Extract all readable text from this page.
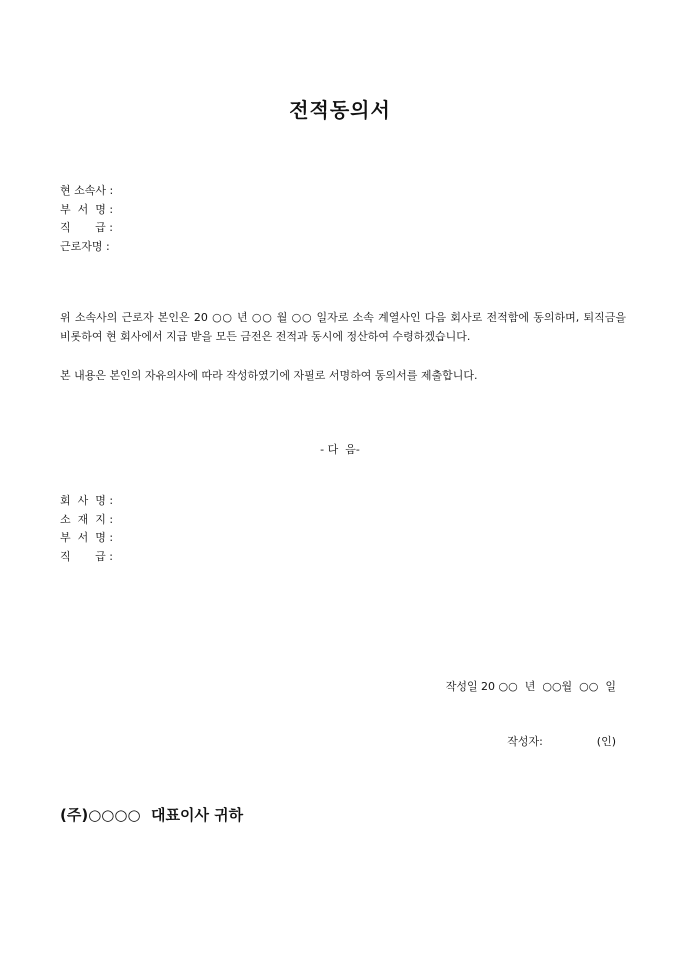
전적동의서
현 소속사 :
부  서  명 :
직       급 :
근로자명 :
위 소속사의 근로자 본인은 20 ○○ 년 ○○ 월 ○○ 일자로 소속 계열사인 다음 회사로 전적함에 동의하며, 퇴직금을 비롯하여 현 회사에서 지급 받을 모든 금전은 전적과 동시에 정산하여 수령하겠습니다.
본 내용은 본인의 자유의사에 따라 작성하였기에 자필로 서명하여 동의서를 제출합니다.
- 다  음-
회  사  명 :
소  재  지 :
부  서  명 :
직       급 :
작성일 20 ○○  년  ○○월  ○○  일
작성자:	(인)
(주)○○○○  대표이사 귀하
